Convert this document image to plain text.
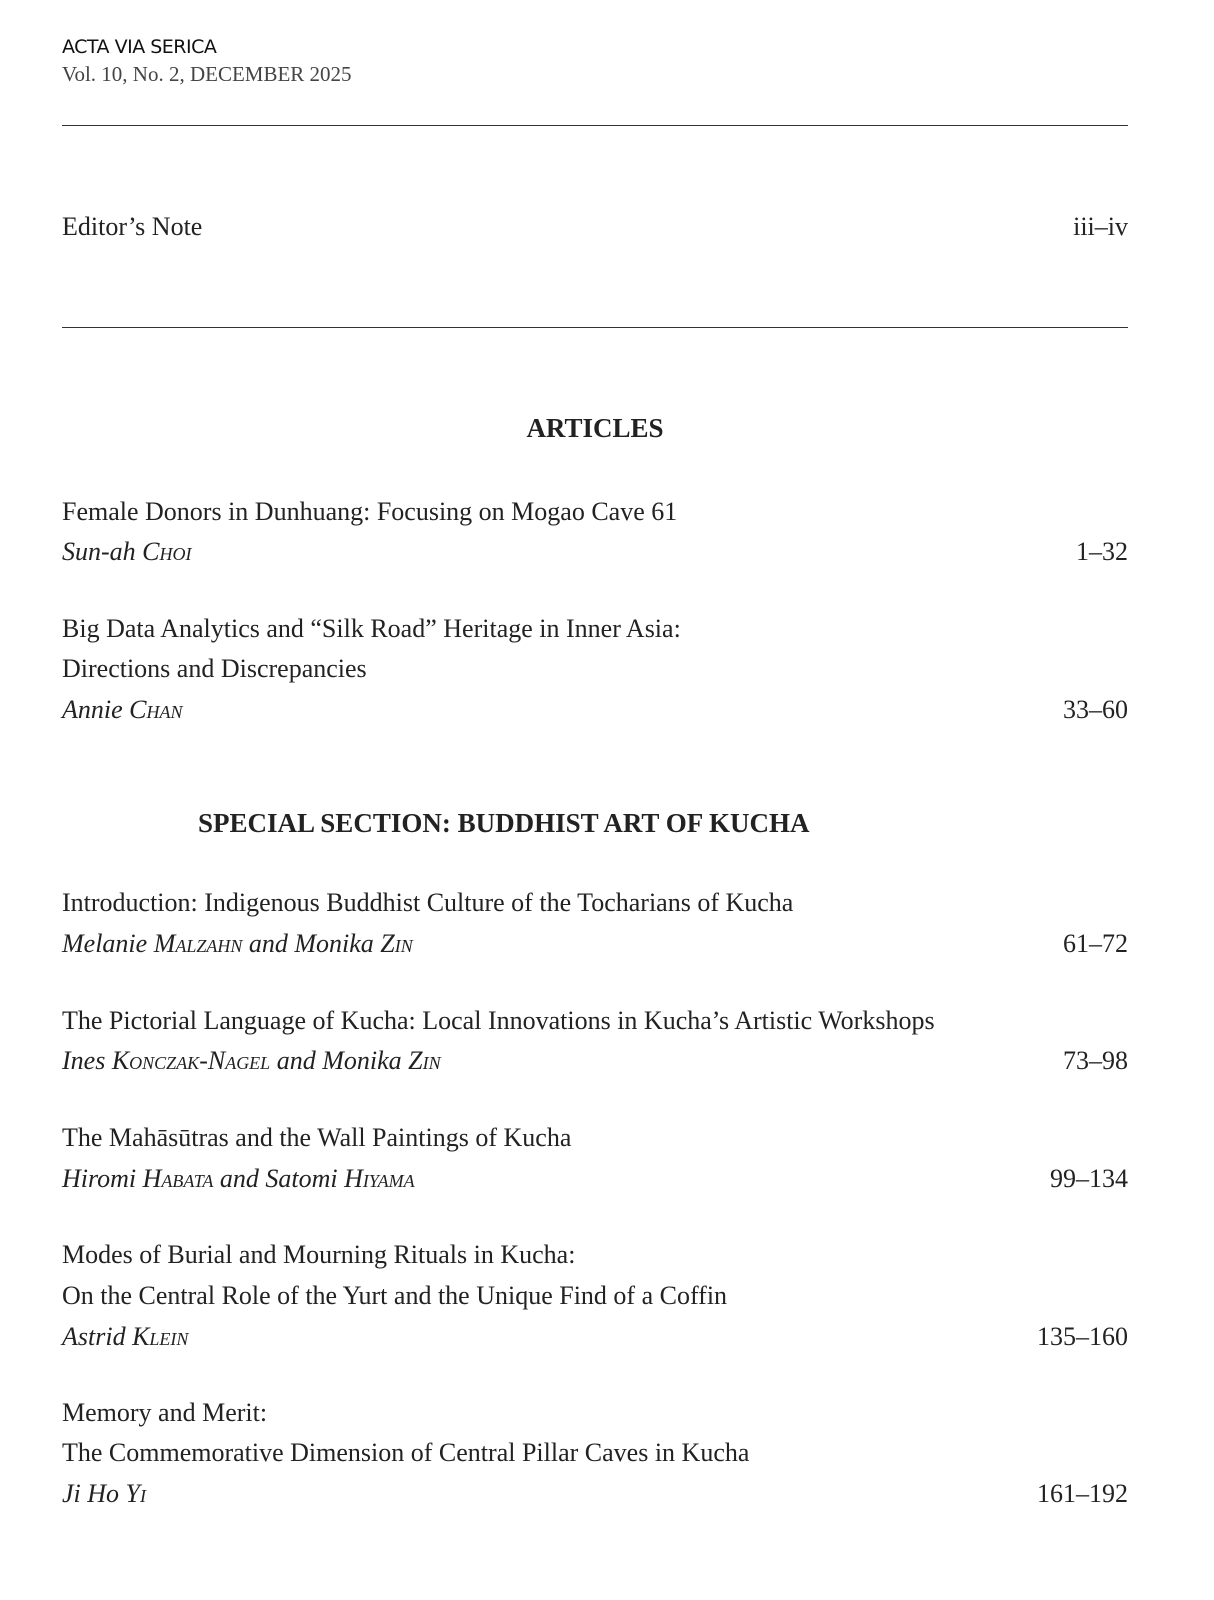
ACTA VIA SERICA
Vol. 10, No. 2, DECEMBER 2025
Editor’s Note	iii–iv
ARTICLES
Female Donors in Dunhuang: Focusing on Mogao Cave 61
Sun-ah Choi	1–32
Big Data Analytics and “Silk Road” Heritage in Inner Asia:
Directions and Discrepancies
Annie Chan	33–60
SPECIAL SECTION: BUDDHIST ART OF KUCHA
Introduction: Indigenous Buddhist Culture of the Tocharians of Kucha
Melanie Malzahn and Monika Zin	61–72
The Pictorial Language of Kucha: Local Innovations in Kucha’s Artistic Workshops
Ines Konczak-Nagel and Monika Zin	73–98
The Mahāsūtras and the Wall Paintings of Kucha
Hiromi Habata and Satomi Hiyama	99–134
Modes of Burial and Mourning Rituals in Kucha:
On the Central Role of the Yurt and the Unique Find of a Coffin
Astrid Klein	135–160
Memory and Merit:
The Commemorative Dimension of Central Pillar Caves in Kucha
Ji Ho Yi	161–192
